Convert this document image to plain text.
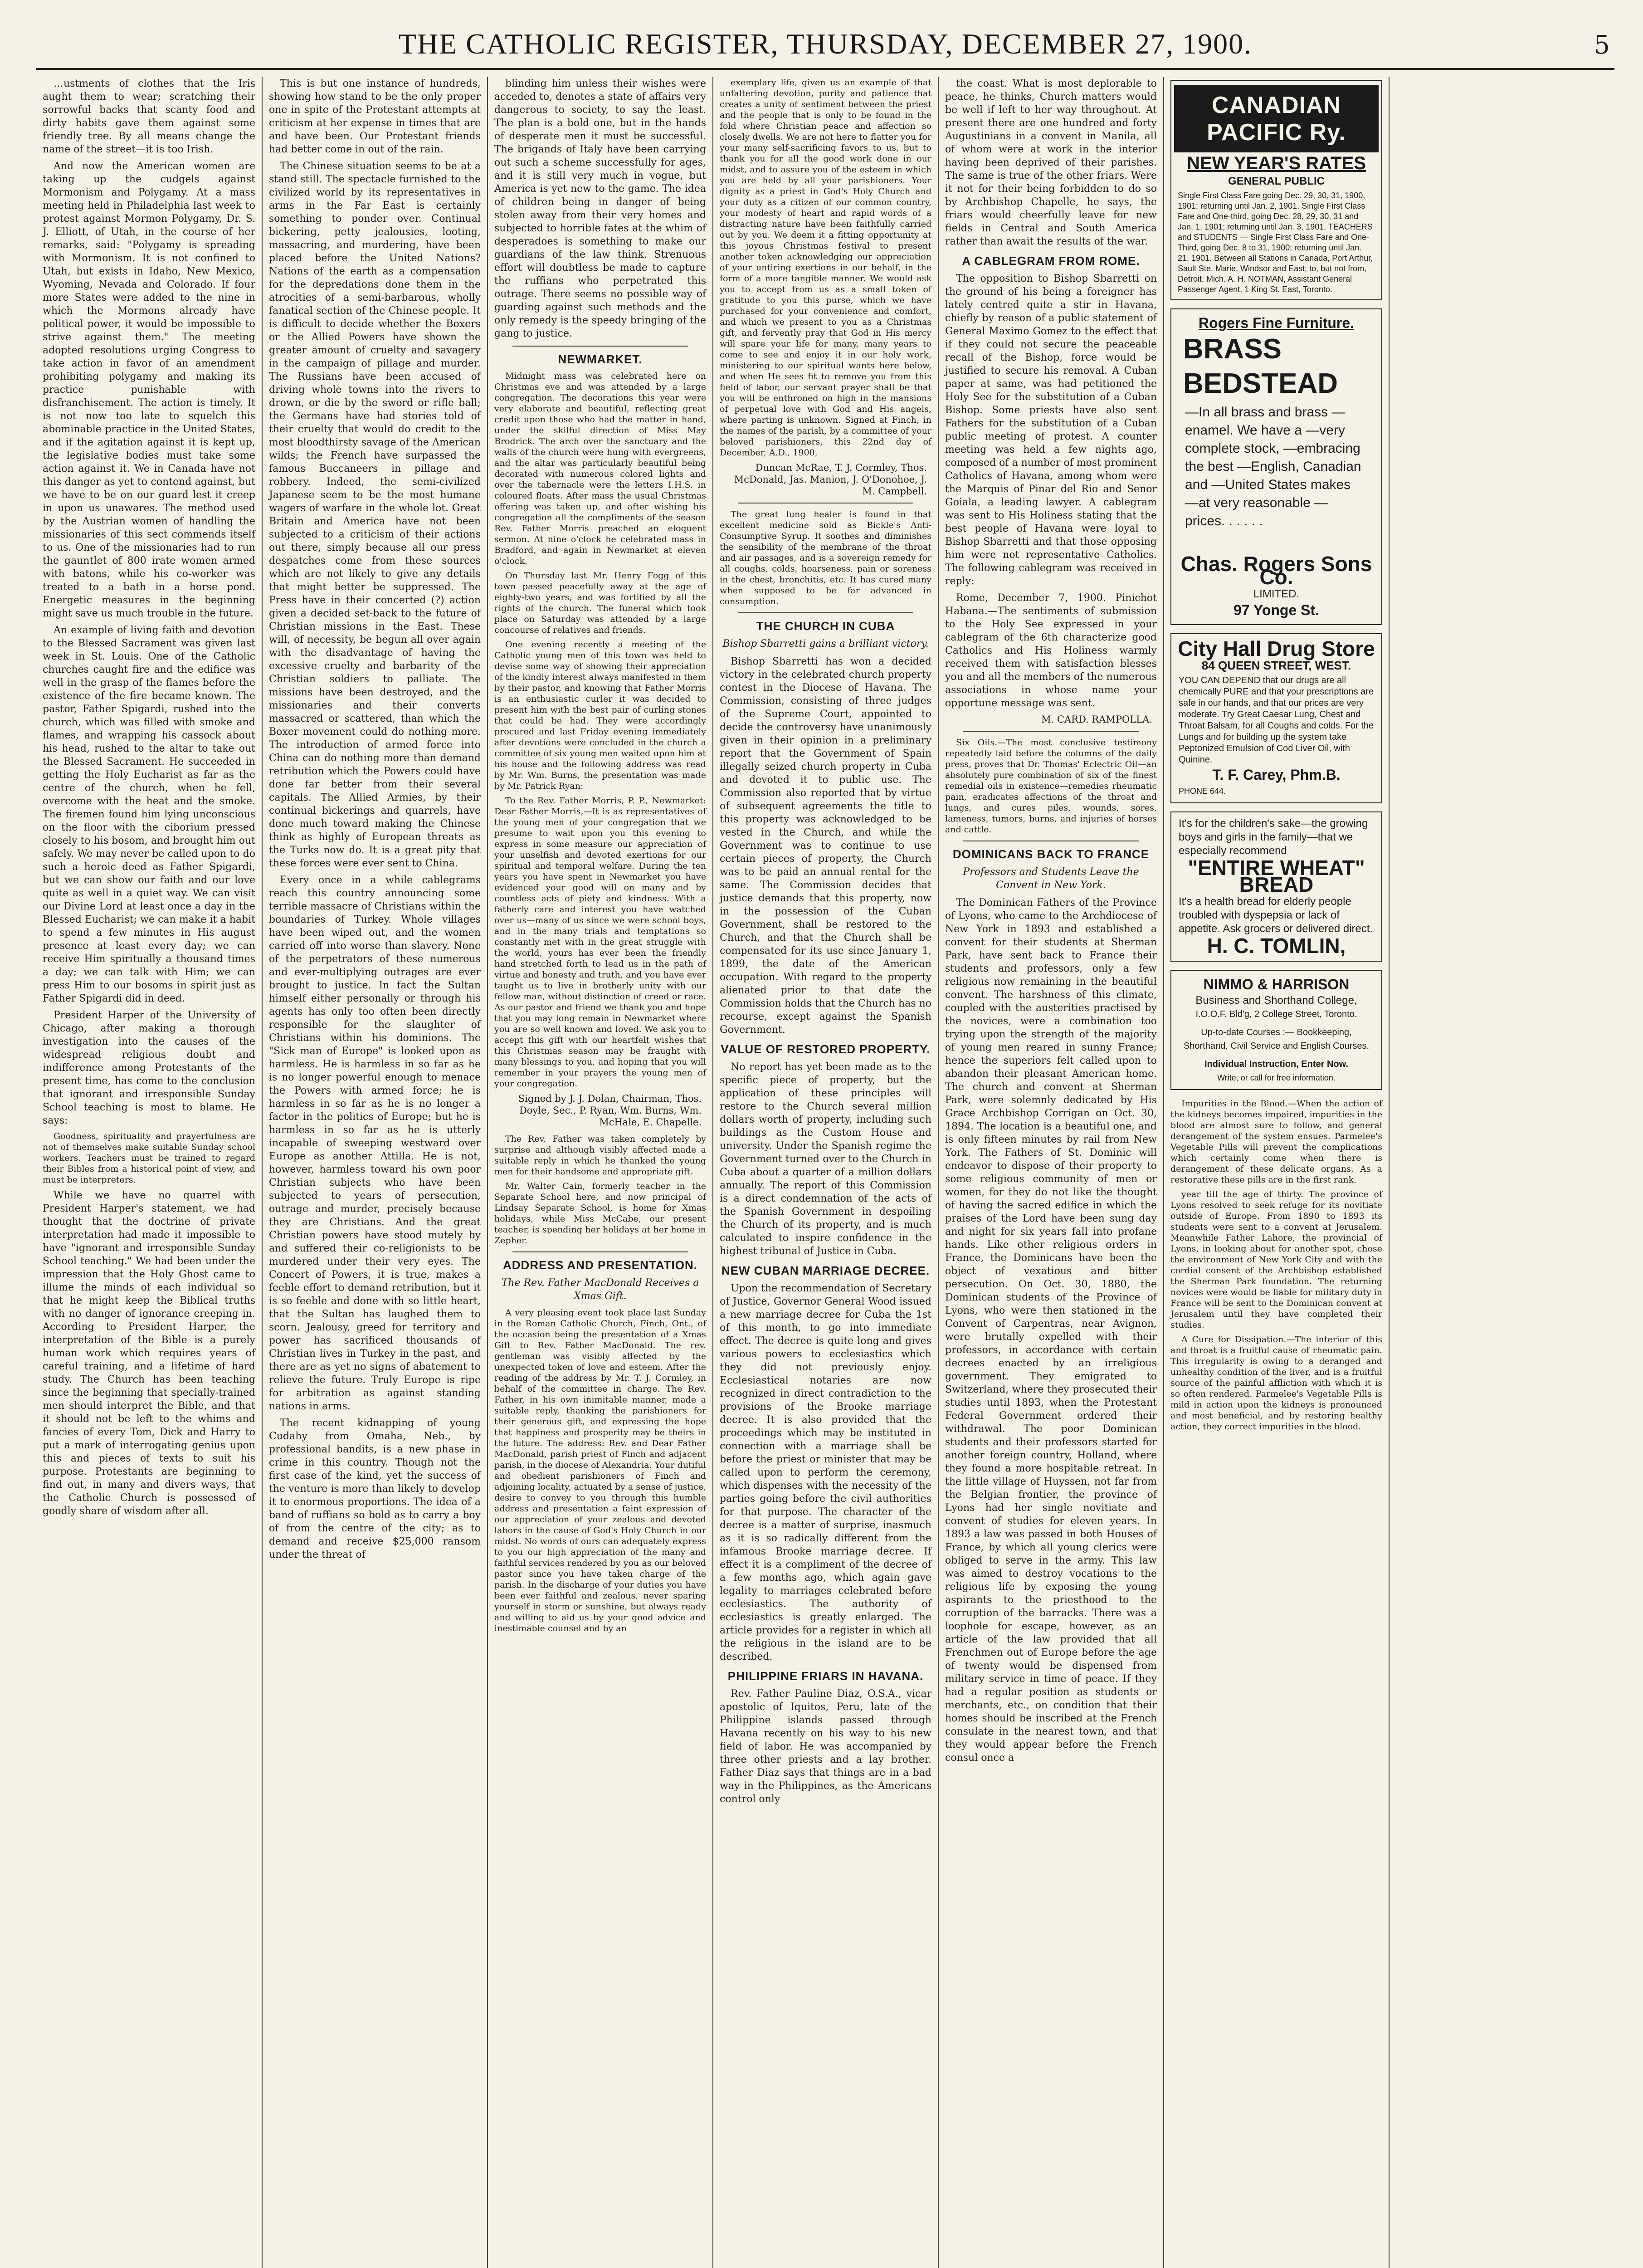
THE CATHOLIC REGISTER, THURSDAY, DECEMBER 27, 1900.	5

…ustments of clothes that the Iris aught them to wear; scratching their sorrowful backs that scanty food and dirty habits gave them against some friendly tree. By all means change the name of the street—it is too Irish.

And now the American women are taking up the cudgels against Mormonism and Polygamy. At a mass meeting held in Philadelphia last week to protest against Mormon Polygamy, Dr. S. J. Elliott, of Utah, in the course of her remarks, said: "Polygamy is spreading with Mormonism. It is not confined to Utah, but exists in Idaho, New Mexico, Wyoming, Nevada and Colorado. If four more States were added to the nine in which the Mormons already have political power, it would be impossible to strive against them." The meeting adopted resolutions urging Congress to take action in favor of an amendment prohibiting polygamy and making its practice punishable with disfranchisement. The action is timely. It is not now too late to squelch this abominable practice in the United States, and if the agitation against it is kept up, the legislative bodies must take some action against it. We in Canada have not this danger as yet to contend against, but we have to be on our guard lest it creep in upon us unawares. The method used by the Austrian women of handling the missionaries of this sect commends itself to us. One of the missionaries had to run the gauntlet of 800 irate women armed with batons, while his co-worker was treated to a bath in a horse pond. Energetic measures in the beginning might save us much trouble in the future.

An example of living faith and devotion to the Blessed Sacrament was given last week in St. Louis. One of the Catholic churches caught fire and the edifice was well in the grasp of the flames before the existence of the fire became known. The pastor, Father Spigardi, rushed into the church, which was filled with smoke and flames, and wrapping his cassock about his head, rushed to the altar to take out the Blessed Sacrament. He succeeded in getting the Holy Eucharist as far as the centre of the church, when he fell, overcome with the heat and the smoke. The firemen found him lying unconscious on the floor with the ciborium pressed closely to his bosom, and brought him out safely. We may never be called upon to do such a heroic deed as Father Spigardi, but we can show our faith and our love quite as well in a quiet way. We can visit our Divine Lord at least once a day in the Blessed Eucharist; we can make it a habit to spend a few minutes in His august presence at least every day; we can receive Him spiritually a thousand times a day; we can talk with Him; we can press Him to our bosoms in spirit just as Father Spigardi did in deed.

President Harper of the University of Chicago, after making a thorough investigation into the causes of the widespread religious doubt and indifference among Protestants of the present time, has come to the conclusion that ignorant and irresponsible Sunday School teaching is most to blame. He says:

Goodness, spirituality and prayerfulness are not of themselves make suitable Sunday school workers. Teachers must be trained to regard their Bibles from a historical point of view, and must be interpreters.

While we have no quarrel with President Harper's statement, we had thought that the doctrine of private interpretation had made it impossible to have "ignorant and irresponsible Sunday School teaching." We had been under the impression that the Holy Ghost came to illume the minds of each individual so that he might keep the Biblical truths with no danger of ignorance creeping in. According to President Harper, the interpretation of the Bible is a purely human work which requires years of careful training, and a lifetime of hard study. The Church has been teaching since the beginning that specially-trained men should interpret the Bible, and that it should not be left to the whims and fancies of every Tom, Dick and Harry to put a mark of interrogating genius upon this and pieces of texts to suit his purpose. Protestants are beginning to find out, in many and divers ways, that the Catholic Church is possessed of goodly share of wisdom after all.

This is but one instance of hundreds, showing how stand to be the only proper one in spite of the Protestant attempts at criticism at her expense in times that are and have been. Our Protestant friends had better come in out of the rain.

The Chinese situation seems to be at a stand still. The spectacle furnished to the civilized world by its representatives in arms in the Far East is certainly something to ponder over. Continual bickering, petty jealousies, looting, massacring, and murdering, have been placed before the United Nations? Nations of the earth as a compensation for the depredations done them in the atrocities of a semi-barbarous, wholly fanatical section of the Chinese people. It is difficult to decide whether the Boxers or the Allied Powers have shown the greater amount of cruelty and savagery in the campaign of pillage and murder. The Russians have been accused of driving whole towns into the rivers to drown, or die by the sword or rifle ball; the Germans have had stories told of their cruelty that would do credit to the most bloodthirsty savage of the American wilds; the French have surpassed the famous Buccaneers in pillage and robbery. Indeed, the semi-civilized Japanese seem to be the most humane wagers of warfare in the whole lot. Great Britain and America have not been subjected to a criticism of their actions out there, simply because all our press despatches come from these sources which are not likely to give any details that might better be suppressed. The Press have in their concerted (?) action given a decided set-back to the future of Christian missions in the East. These will, of necessity, be begun all over again with the disadvantage of having the excessive cruelty and barbarity of the Christian soldiers to palliate. The missions have been destroyed, and the missionaries and their converts massacred or scattered, than which the Boxer movement could do nothing more. The introduction of armed force into China can do nothing more than demand retribution which the Powers could have done far better from their several capitals. The Allied Armies, by their continual bickerings and quarrels, have done much toward making the Chinese think as highly of European threats as the Turks now do. It is a great pity that these forces were ever sent to China.

Every once in a while cablegrams reach this country announcing some terrible massacre of Christians within the boundaries of Turkey. Whole villages have been wiped out, and the women carried off into worse than slavery. None of the perpetrators of these numerous and ever-multiplying outrages are ever brought to justice. In fact the Sultan himself either personally or through his agents has only too often been directly responsible for the slaughter of Christians within his dominions. The "Sick man of Europe" is looked upon as harmless. He is harmless in so far as he is no longer powerful enough to menace the Powers with armed force; he is harmless in so far as he is no longer a factor in the politics of Europe; but he is harmless in so far as he is utterly incapable of sweeping westward over Europe as another Attilla. He is not, however, harmless toward his own poor Christian subjects who have been subjected to years of persecution, outrage and murder, precisely because they are Christians. And the great Christian powers have stood mutely by and suffered their co-religionists to be murdered under their very eyes. The Concert of Powers, it is true, makes a feeble effort to demand retribution, but it is so feeble and done with so little heart, that the Sultan has laughed them to scorn. Jealousy, greed for territory and power has sacrificed thousands of Christian lives in Turkey in the past, and there are as yet no signs of abatement to relieve the future. Truly Europe is ripe for arbitration as against standing nations in arms.

The recent kidnapping of young Cudahy from Omaha, Neb., by professional bandits, is a new phase in crime in this country. Though not the first case of the kind, yet the success of the venture is more than likely to develop it to enormous proportions. The idea of a band of ruffians so bold as to carry a boy of from the centre of the city; as to demand and receive $25,000 ransom under the threat of

blinding him unless their wishes were acceded to, denotes a state of affairs very dangerous to society, to say the least. The plan is a bold one, but in the hands of desperate men it must be successful. The brigands of Italy have been carrying out such a scheme successfully for ages, and it is still very much in vogue, but America is yet new to the game. The idea of children being in danger of being stolen away from their very homes and subjected to horrible fates at the whim of desperadoes is something to make our guardians of the law think. Strenuous effort will doubtless be made to capture the ruffians who perpetrated this outrage. There seems no possible way of guarding against such methods and the only remedy is the speedy bringing of the gang to justice.

NEWMARKET.

Midnight mass was celebrated here on Christmas eve and was attended by a large congregation. The decorations this year were very elaborate and beautiful, reflecting great credit upon those who had the matter in hand, under the skilful direction of Miss May Brodrick. The arch over the sanctuary and the walls of the church were hung with evergreens, and the altar was particularly beautiful being decorated with numerous colored lights and over the tabernacle were the letters I.H.S. in coloured floats. After mass the usual Christmas offering was taken up, and after wishing his congregation all the compliments of the season Rev. Father Morris preached an eloquent sermon. At nine o'clock he celebrated mass in Bradford, and again in Newmarket at eleven o'clock.

On Thursday last Mr. Henry Fogg of this town passed peacefully away at the age of eighty-two years, and was fortified by all the rights of the church. The funeral which took place on Saturday was attended by a large concourse of relatives and friends.

One evening recently a meeting of the Catholic young men of this town was held to devise some way of showing their appreciation of the kindly interest always manifested in them by their pastor, and knowing that Father Morris is an enthusiastic curler it was decided to present him with the best pair of curling stones that could be had. They were accordingly procured and last Friday evening immediately after devotions were concluded in the church a committee of six young men waited upon him at his house and the following address was read by Mr. Wm. Burns, the presentation was made by Mr. Patrick Ryan:

To the Rev. Father Morris, P. P., Newmarket: Dear Father Morris,—It is as representatives of the young men of your congregation that we presume to wait upon you this evening to express in some measure our appreciation of your unselfish and devoted exertions for our spiritual and temporal welfare. During the ten years you have spent in Newmarket you have evidenced your good will on many and by countless acts of piety and kindness. With a fatherly care and interest you have watched over us—many of us since we were school boys, and in the many trials and temptations so constantly met with in the great struggle with the world, yours has ever been the friendly hand stretched forth to lead us in the path of virtue and honesty and truth, and you have ever taught us to live in brotherly unity with our fellow man, without distinction of creed or race. As our pastor and friend we thank you and hope that you may long remain in Newmarket where you are so well known and loved. We ask you to accept this gift with our heartfelt wishes that this Christmas season may be fraught with many blessings to you, and hoping that you will remember in your prayers the young men of your congregation.

Signed by J. J. Dolan, Chairman, Thos. Doyle, Sec., P. Ryan, Wm. Burns, Wm. McHale, E. Chapelle.

The Rev. Father was taken completely by surprise and although visibly affected made a suitable reply in which he thanked the young men for their handsome and appropriate gift.

Mr. Walter Cain, formerly teacher in the Separate School here, and now principal of Lindsay Separate School, is home for Xmas holidays, while Miss McCabe, our present teacher, is spending her holidays at her home in Zepher.

ADDRESS AND PRESENTATION.
The Rev. Father MacDonald Receives a Xmas Gift.

A very pleasing event took place last Sunday in the Roman Catholic Church, Finch, Ont., of the occasion being the presentation of a Xmas Gift to Rev. Father MacDonald. The rev. gentleman was visibly affected by the unexpected token of love and esteem. After the reading of the address by Mr. T. J. Cormley, in behalf of the committee in charge. The Rev. Father, in his own inimitable manner, made a suitable reply, thanking the parishioners for their generous gift, and expressing the hope that happiness and prosperity may be theirs in the future. The address: Rev. and Dear Father MacDonald, parish priest of Finch and adjacent parish, in the diocese of Alexandria. Your dutiful and obedient parishioners of Finch and adjoining locality, actuated by a sense of justice, desire to convey to you through this humble address and presentation a faint expression of our appreciation of your zealous and devoted labors in the cause of God's Holy Church in our midst. No words of ours can adequately express to you our high appreciation of the many and faithful services rendered by you as our beloved pastor since you have taken charge of the parish. In the discharge of your duties you have been ever faithful and zealous, never sparing yourself in storm or sunshine, but always ready and willing to aid us by your good advice and inestimable counsel and by an

exemplary life, given us an example of that unfaltering devotion, purity and patience that creates a unity of sentiment between the priest and the people that is only to be found in the fold where Christian peace and affection so closely dwells. We are not here to flatter you for your many self-sacrificing favors to us, but to thank you for all the good work done in our midst, and to assure you of the esteem in which you are held by all your parishioners. Your dignity as a priest in God's Holy Church and your duty as a citizen of our common country, your modesty of heart and rapid words of a distracting nature have been faithfully carried out by you. We deem it a fitting opportunity at this joyous Christmas festival to present another token acknowledging our appreciation of your untiring exertions in our behalf, in the form of a more tangible manner. We would ask you to accept from us as a small token of gratitude to you this purse, which we have purchased for your convenience and comfort, and which we present to you as a Christmas gift, and fervently pray that God in His mercy will spare your life for many, many years to come to see and enjoy it in our holy work, ministering to our spiritual wants here below, and when He sees fit to remove you from this field of labor, our servant prayer shall be that you will be enthroned on high in the mansions of perpetual love with God and His angels, where parting is unknown. Signed at Finch, in the names of the parish, by a committee of your beloved parishioners, this 22nd day of December, A.D., 1900,

Duncan McRae, T. J. Cormley, Thos. McDonald, Jas. Manion, J. O'Donohoe, J. M. Campbell.

The great lung healer is found in that excellent medicine sold as Bickle's Anti-Consumptive Syrup. It soothes and diminishes the sensibility of the membrane of the throat and air passages, and is a sovereign remedy for all coughs, colds, hoarseness, pain or soreness in the chest, bronchitis, etc. It has cured many when supposed to be far advanced in consumption.

THE CHURCH IN CUBA
Bishop Sbarretti gains a brilliant victory.

Bishop Sbarretti has won a decided victory in the celebrated church property contest in the Diocese of Havana. The Commission, consisting of three judges of the Supreme Court, appointed to decide the controversy have unanimously given in their opinion in a preliminary report that the Government of Spain illegally seized church property in Cuba and devoted it to public use. The Commission also reported that by virtue of subsequent agreements the title to this property was acknowledged to be vested in the Church, and while the Government was to continue to use certain pieces of property, the Church was to be paid an annual rental for the same. The Commission decides that justice demands that this property, now in the possession of the Cuban Government, shall be restored to the Church, and that the Church shall be compensated for its use since January 1, 1899, the date of the American occupation. With regard to the property alienated prior to that date the Commission holds that the Church has no recourse, except against the Spanish Government.

VALUE OF RESTORED PROPERTY.

No report has yet been made as to the specific piece of property, but the application of these principles will restore to the Church several million dollars worth of property, including such buildings as the Custom House and university. Under the Spanish regime the Government turned over to the Church in Cuba about a quarter of a million dollars annually. The report of this Commission is a direct condemnation of the acts of the Spanish Government in despoiling the Church of its property, and is much calculated to inspire confidence in the highest tribunal of Justice in Cuba.

NEW CUBAN MARRIAGE DECREE.

Upon the recommendation of Secretary of Justice, Governor General Wood issued a new marriage decree for Cuba the 1st of this month, to go into immediate effect. The decree is quite long and gives various powers to ecclesiastics which they did not previously enjoy. Ecclesiastical notaries are now recognized in direct contradiction to the provisions of the Brooke marriage decree. It is also provided that the proceedings which may be instituted in connection with a marriage shall be before the priest or minister that may be called upon to perform the ceremony, which dispenses with the necessity of the parties going before the civil authorities for that purpose. The character of the decree is a matter of surprise, inasmuch as it is so radically different from the infamous Brooke marriage decree. If effect it is a compliment of the decree of a few months ago, which again gave legality to marriages celebrated before ecclesiastics. The authority of ecclesiastics is greatly enlarged. The article provides for a register in which all the religious in the island are to be described.

PHILIPPINE FRIARS IN HAVANA.

Rev. Father Pauline Diaz, O.S.A., vicar apostolic of Iquitos, Peru, late of the Philippine islands passed through Havana recently on his way to his new field of labor. He was accompanied by three other priests and a lay brother. Father Diaz says that things are in a bad way in the Philippines, as the Americans control only

the coast. What is most deplorable to peace, he thinks, Church matters would be well if left to her way throughout. At present there are one hundred and forty Augustinians in a convent in Manila, all of whom were at work in the interior having been deprived of their parishes. The same is true of the other friars. Were it not for their being forbidden to do so by Archbishop Chapelle, he says, the friars would cheerfully leave for new fields in Central and South America rather than await the results of the war.

A CABLEGRAM FROM ROME.

The opposition to Bishop Sbarretti on the ground of his being a foreigner has lately centred quite a stir in Havana, chiefly by reason of a public statement of General Maximo Gomez to the effect that if they could not secure the peaceable recall of the Bishop, force would be justified to secure his removal. A Cuban paper at same, was had petitioned the Holy See for the substitution of a Cuban Bishop. Some priests have also sent Fathers for the substitution of a Cuban public meeting of protest. A counter meeting was held a few nights ago, composed of a number of most prominent Catholics of Havana, among whom were the Marquis of Pinar del Rio and Senor Goiala, a leading lawyer. A cablegram was sent to His Holiness stating that the best people of Havana were loyal to Bishop Sbarretti and that those opposing him were not representative Catholics. The following cablegram was received in reply:

Rome, December 7, 1900. Pinichot Habana.—The sentiments of submission to the Holy See expressed in your cablegram of the 6th characterize good Catholics and His Holiness warmly received them with satisfaction blesses you and all the members of the numerous associations in whose name your opportune message was sent.

M. CARD. RAMPOLLA.

Six Oils.—The most conclusive testimony repeatedly laid before the columns of the daily press, proves that Dr. Thomas' Eclectric Oil—an absolutely pure combination of six of the finest remedial oils in existence—remedies rheumatic pain, eradicates affections of the throat and lungs, and cures piles, wounds, sores, lameness, tumors, burns, and injuries of horses and cattle.

DOMINICANS BACK TO FRANCE
Professors and Students Leave the Convent in New York.

The Dominican Fathers of the Province of Lyons, who came to the Archdiocese of New York in 1893 and established a convent for their students at Sherman Park, have sent back to France their students and professors, only a few religious now remaining in the beautiful convent. The harshness of this climate, coupled with the austerities practised by the novices, were a combination too trying upon the strength of the majority of young men reared in sunny France; hence the superiors felt called upon to abandon their pleasant American home. The church and convent at Sherman Park, were solemnly dedicated by His Grace Archbishop Corrigan on Oct. 30, 1894. The location is a beautiful one, and is only fifteen minutes by rail from New York. The Fathers of St. Dominic will endeavor to dispose of their property to some religious community of men or women, for they do not like the thought of having the sacred edifice in which the praises of the Lord have been sung day and night for six years fall into profane hands. Like other religious orders in France, the Dominicans have been the object of vexatious and bitter persecution. On Oct. 30, 1880, the Dominican students of the Province of Lyons, who were then stationed in the Convent of Carpentras, near Avignon, were brutally expelled with their professors, in accordance with certain decrees enacted by an irreligious government. They emigrated to Switzerland, where they prosecuted their studies until 1893, when the Protestant Federal Government ordered their withdrawal. The poor Dominican students and their professors started for another foreign country, Holland, where they found a more hospitable retreat. In the little village of Huyssen, not far from the Belgian frontier, the province of Lyons had her single novitiate and convent of studies for eleven years. In 1893 a law was passed in both Houses of France, by which all young clerics were obliged to serve in the army. This law was aimed to destroy vocations to the religious life by exposing the young aspirants to the priesthood to the corruption of the barracks. There was a loophole for escape, however, as an article of the law provided that all Frenchmen out of Europe before the age of twenty would be dispensed from military service in time of peace. If they had a regular position as students or merchants, etc., on condition that their homes should be inscribed at the French consulate in the nearest town, and that they would appear before the French consul once a

CANADIAN PACIFIC Ry.
NEW YEAR'S RATES
GENERAL PUBLIC
Single First Class Fare going Dec. 29, 30, 31, 1900, 1901; returning until Jan. 2, 1901. Single First Class Fare and One-third, going Dec. 28, 29, 30, 31 and Jan. 1, 1901; returning until Jan. 3, 1901. TEACHERS and STUDENTS — Single First Class Fare and One-Third, going Dec. 8 to 31, 1900; returning until Jan. 21, 1901. Between all Stations in Canada, Port Arthur, Sault Ste. Marie, Windsor and East; to, but not from, Detroit, Mich. A. H. NOTMAN, Assistant General Passenger Agent, 1 King St. East, Toronto.
Rogers Fine Furniture.
BRASS
BEDSTEAD
—In all brass and brass —enamel. We have a —very complete stock, —embracing the best —English, Canadian and —United States makes —at very reasonable —prices. . . . . .
Chas. Rogers Sons Co.
LIMITED.
97 Yonge St.
City Hall Drug Store
84 QUEEN STREET, WEST.
YOU CAN DEPEND that our drugs are all chemically PURE and that your prescriptions are safe in our hands, and that our prices are very moderate. Try Great Caesar Lung, Chest and Throat Balsam, for all Coughs and colds. For the Lungs and for building up the system take Peptonized Emulsion of Cod Liver Oil, with Quinine.
T. F. Carey, Phm.B.
PHONE 644.
It's for the children's sake—the growing boys and girls in the family—that we especially recommend
"ENTIRE WHEAT"
BREAD
It's a health bread for elderly people troubled with dyspepsia or lack of appetite. Ask grocers or delivered direct.
H. C. TOMLIN,
NIMMO & HARRISON
Business and Shorthand College,
I.O.O.F. Bld'g, 2 College Street, Toronto.
Up-to-date Courses :— Bookkeeping, Shorthand, Civil Service and English Courses.
Individual Instruction, Enter Now.
Write, or call for free information.

Impurities in the Blood.—When the action of the kidneys becomes impaired, impurities in the blood are almost sure to follow, and general derangement of the system ensues. Parmelee's Vegetable Pills will prevent the complications which certainly come when there is derangement of these delicate organs. As a restorative these pills are in the first rank.

year till the age of thirty. The province of Lyons resolved to seek refuge for its novitiate outside of Europe. From 1890 to 1893 its students were sent to a convent at Jerusalem. Meanwhile Father Lahore, the provincial of Lyons, in looking about for another spot, chose the environment of New York City and with the cordial consent of the Archbishop established the Sherman Park foundation. The returning novices were would be liable for military duty in France will be sent to the Dominican convent at Jerusalem until they have completed their studies.

A Cure for Dissipation.—The interior of this and throat is a fruitful cause of rheumatic pain. This irregularity is owing to a deranged and unhealthy condition of the liver, and is a fruitful source of the painful affliction with which it is so often rendered. Parmelee's Vegetable Pills is mild in action upon the kidneys is pronounced and most beneficial, and by restoring healthy action, they correct impurities in the blood.
